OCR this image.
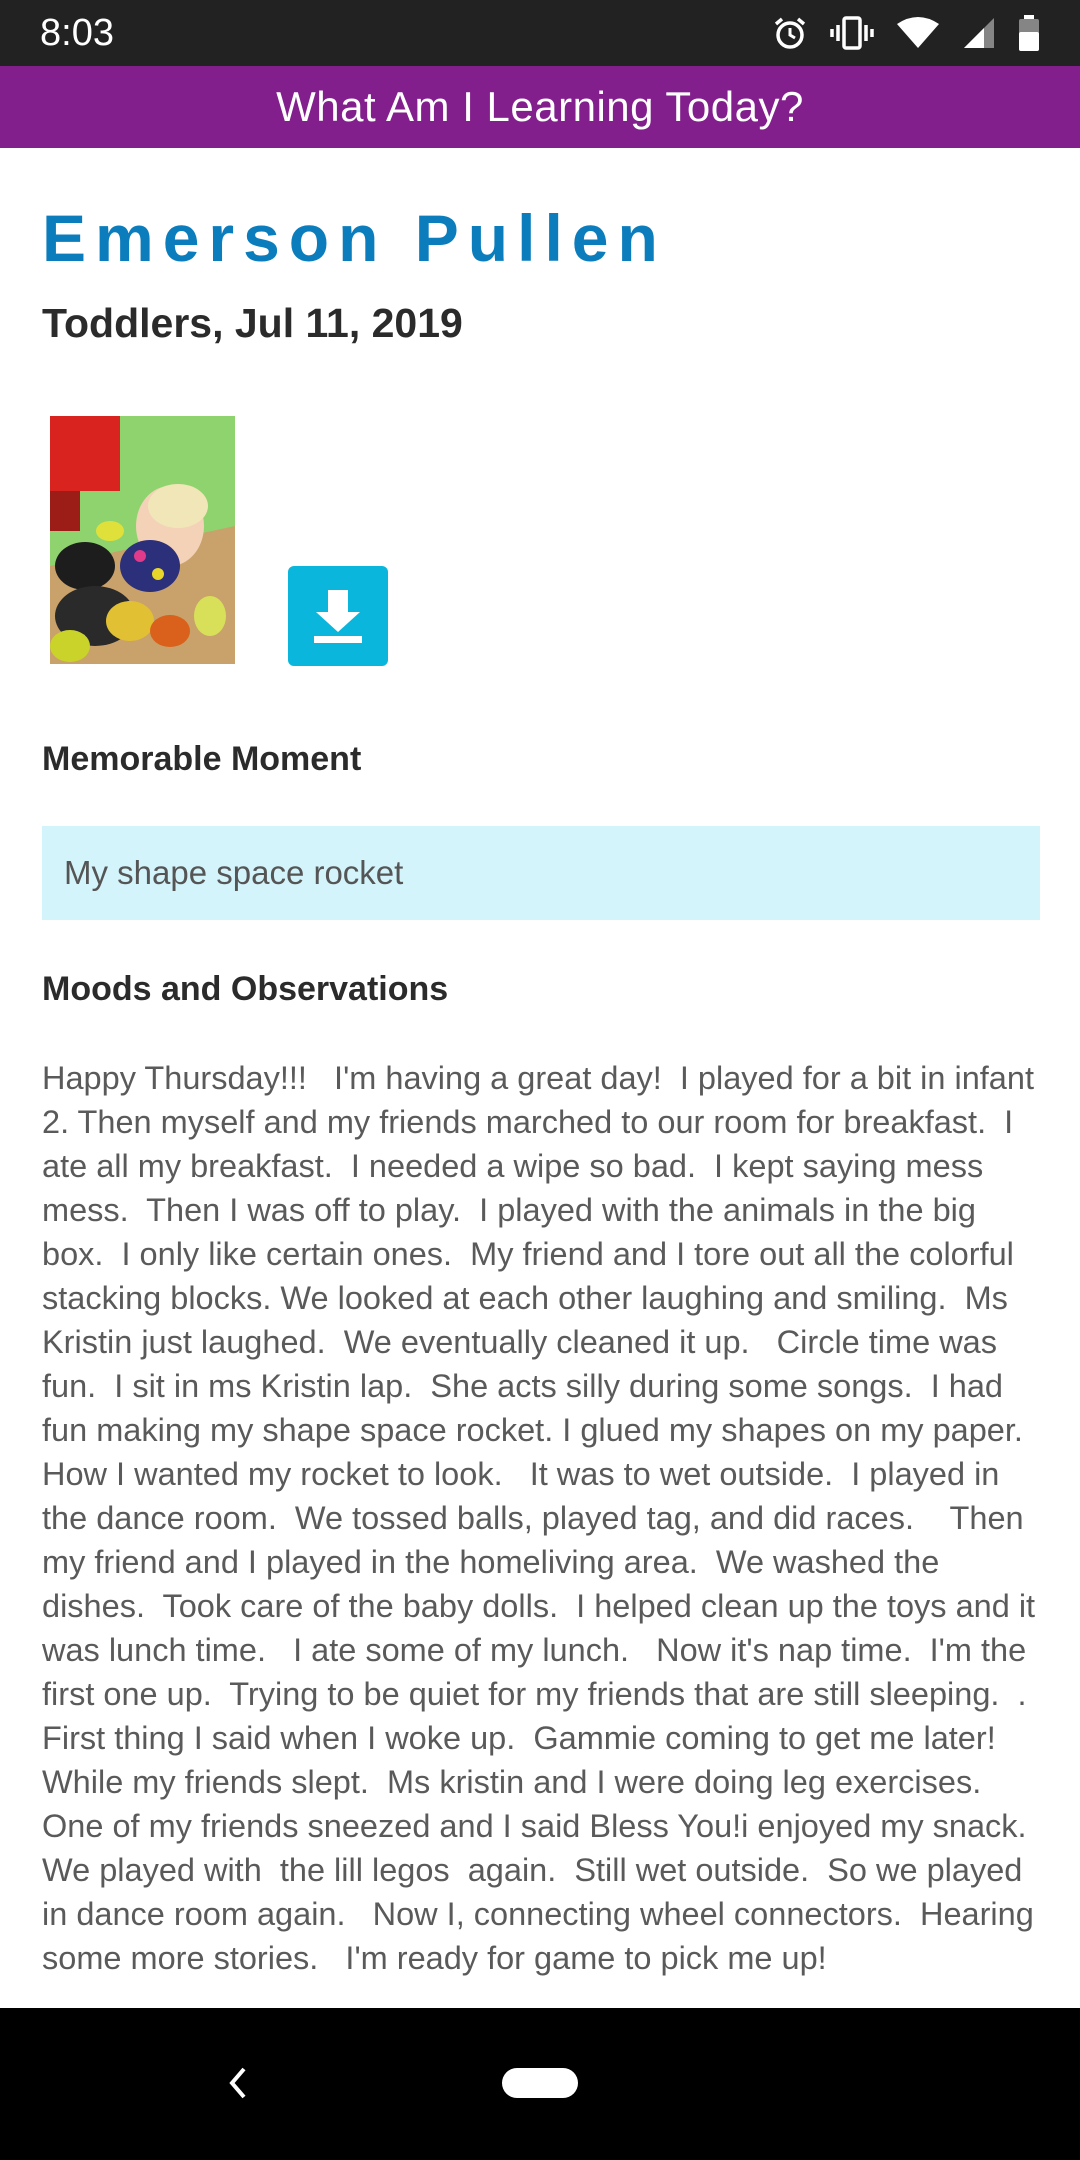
8:03
What Am I Learning Today?
Emerson Pullen
Toddlers, Jul 11, 2019
Memorable Moment
My shape space rocket
Moods and Observations
Happy Thursday!!!   I'm having a great day!  I played for a bit in infant 2. Then myself and my friends marched to our room for breakfast.  I ate all my breakfast.  I needed a wipe so bad.  I kept saying mess mess.  Then I was off to play.  I played with the animals in the big box.  I only like certain ones.  My friend and I tore out all the colorful stacking blocks. We looked at each other laughing and smiling.  Ms Kristin just laughed.  We eventually cleaned it up.   Circle time was fun.  I sit in ms Kristin lap.  She acts silly during some songs.  I had fun making my shape space rocket. I glued my shapes on my paper. How I wanted my rocket to look.   It was to wet outside.  I played in the dance room.  We tossed balls, played tag, and did races.    Then my friend and I played in the homeliving area.  We washed the dishes.  Took care of the baby dolls.  I helped clean up the toys and it was lunch time.   I ate some of my lunch.   Now it's nap time.  I'm the first one up.  Trying to be quiet for my friends that are still sleeping.  .  First thing I said when I woke up.  Gammie coming to get me later!  While my friends slept.  Ms kristin and I were doing leg exercises.   One of my friends sneezed and I said Bless You!i enjoyed my snack.    We played with  the lill legos  again.  Still wet outside.  So we played in dance room again.   Now I, connecting wheel connectors.  Hearing some more stories.   I'm ready for game to pick me up!
